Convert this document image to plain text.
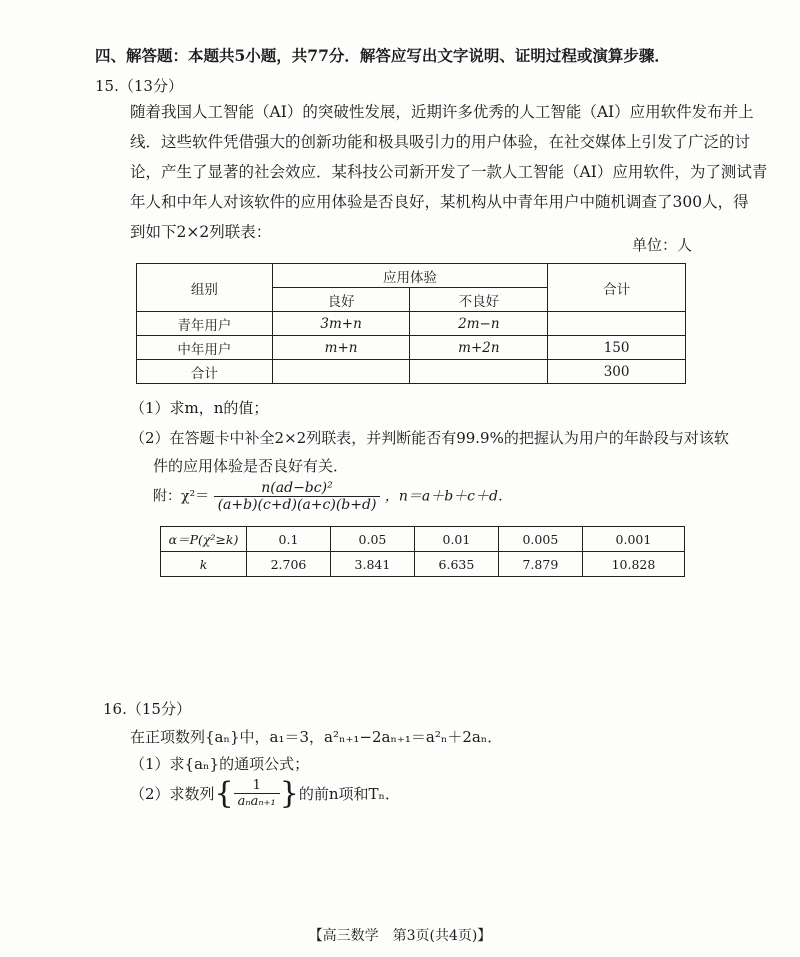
四、解答题：本题共5小题，共77分．解答应写出文字说明、证明过程或演算步骤．
15.（13分）
随着我国人工智能（AI）的突破性发展，近期许多优秀的人工智能（AI）应用软件发布并上
线．这些软件凭借强大的创新功能和极具吸引力的用户体验，在社交媒体上引发了广泛的讨
论，产生了显著的社会效应．某科技公司新开发了一款人工智能（AI）应用软件，为了测试青
年人和中年人对该软件的应用体验是否良好，某机构从中青年用户中随机调查了300人，得
到如下2×2列联表：
单位：人
组别	应用体验		合计
	良好	不良好	
青年用户	3m+n	2m−n	
中年用户	m+n	m+2n	150
合计			300
（1）求m，n的值；
（2）在答题卡中补全2×2列联表，并判断能否有99.9%的把握认为用户的年龄段与对该软
件的应用体验是否良好有关．
附：$\chi^2= \frac{\text{n(ad−bc)²}}{(a+b)(c+d)(a+c)(b+d)}$ ，n＝a＋b＋c＋d．
α＝P(χ²≥k)	0.1	0.05	0.01	0.005	0.001
k	2.706	3.841	6.635	7.879	10.828
16.（15分）
在正项数列{aₙ}中，a₁＝3，a²ₙ₊₁−2aₙ₊₁＝a²ₙ＋2aₙ．
（1）求{aₙ}的通项公式；
（2）求数列{ $\frac{1}{\text{aₙaₙ₊₁}}$ }的前n项和Tₙ．
【高三数学　第3页(共4页)】
